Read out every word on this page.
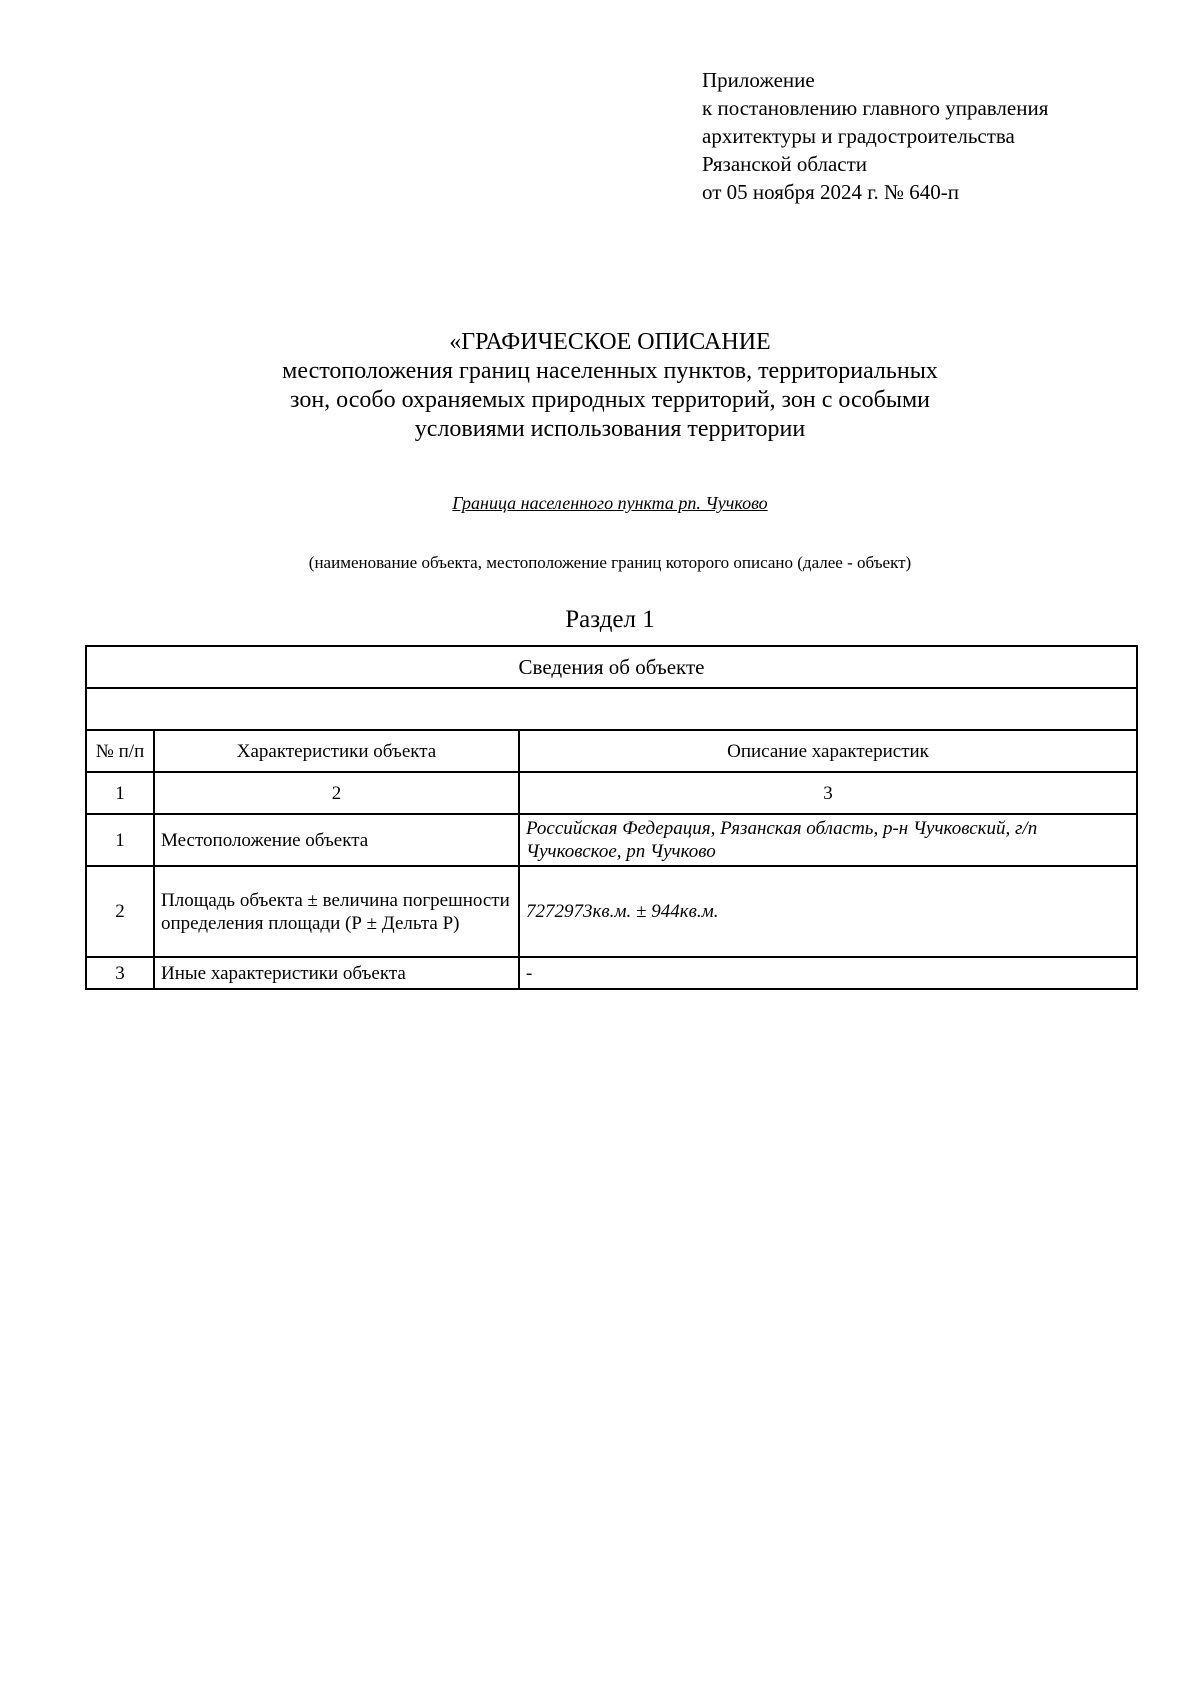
Приложение
к постановлению главного управления
архитектуры и градостроительства
Рязанской области
от 05 ноября 2024 г. № 640-п
«ГРАФИЧЕСКОЕ ОПИСАНИЕ
местоположения границ населенных пунктов, территориальных
зон, особо охраняемых природных территорий, зон с особыми
условиями использования территории
Граница населенного пункта рп. Чучково
(наименование объекта, местоположение границ которого описано (далее - объект)
Раздел 1
Сведения об объекте		

№ п/п	Характеристики объекта	Описание характеристик
1	2	3
1	Местоположение объекта	Российская Федерация, Рязанская область, р-н Чучковский, г/п Чучковское, рп Чучково
2	Площадь объекта ± величина погрешности определения площади (Р ± Дельта Р)	7272973кв.м. ± 944кв.м.
3	Иные характеристики объекта	-
